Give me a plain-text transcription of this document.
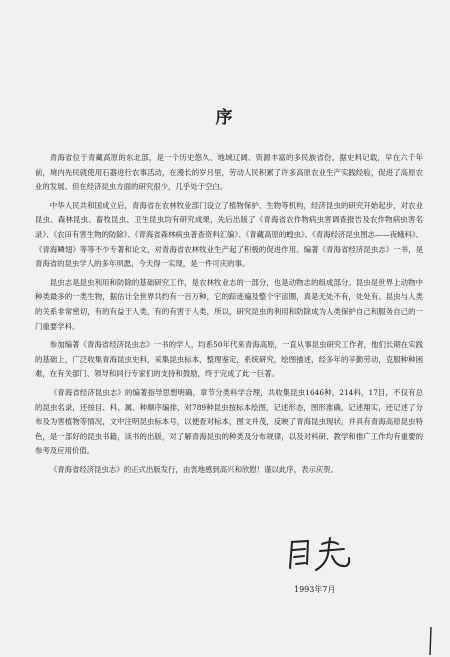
序

青海省位于青藏高原的东北部，是一个历史悠久、地域辽阔、资源丰富的多民族省份。据史料记载，早在六千年前，境内先民就使用石器进行农事活动，在漫长的岁月里，劳动人民积累了许多高原农业生产实践经验，促进了高原农业的发展。但在经济昆虫方面的研究很少，几乎处于空白。

中华人民共和国成立后，青海省在农林牧业部门设立了植物保护、生物等机构，经济昆虫的研究开始起步，对农业昆虫、森林昆虫、畜牧昆虫、卫生昆虫均有研究成果，先后出版了《青海省农作物病虫害调查报告及农作物病虫害名录》、《农田有害生物的防除》、《青海省森林病虫普查资料汇编》、《青藏高原的蝗虫》、《青海经济昆虫图志——夜蛾科》、《青海鳞翅》等等不少专著和论文，对青海省农林牧业生产起了积极的促进作用。编著《青海省经济昆虫志》一书，是青海省的昆虫学人的多年夙愿，今天得一实现，是一件可庆的事。

昆虫志是昆虫利用和防除的基础研究工作，是农林牧业志的一部分，也是动物志的组成部分。昆虫是世界上动物中种类最多的一类生物，据估计全世界共约有一百万种，它的踪迹遍及整个宇宙圈，真是无处不有，处处有。昆虫与人类的关系非常密切，有的有益于人类，有的有害于人类，所以，研究昆虫的利用和防除成为人类保护自己和服务自己的一门重要学科。

参加编著《青海省经济昆虫志》一书的学人，均系50年代来青海高原，一直从事昆虫研究工作者，他们长期在实践的基础上，广泛收集青海昆虫史料，采集昆虫标本，整理鉴定，系统研究，绘图描述，经多年的辛勤劳动，克服种种困难，在有关部门、领导和同行专家们的支持和鼓励，终于完成了此一巨著。

《青海省经济昆虫志》的编著指导思想明确，章节分类科学合理，共收集昆虫1646种，214科，17目，不仅有总的昆虫名录，还按目、科、属、种顺序编排，对789种昆虫按标本绘图，记述形态，图形准确，记述翔实，还记述了分布及为害植物等情况，文中注明昆虫标本号，以便查对标本，图文并茂，反映了青海昆虫现状，并具有青海高原昆虫特色，是一部好的昆虫书籍，读书的出版，对了解青海昆虫的种类及分布规律，以及对科研、教学和推广工作均有重要的参考及应用价值。

《青海省经济昆虫志》的正式出版发行，由衷地感到高兴和欣慰！谨以此序，表示庆贺。

1993年7月
